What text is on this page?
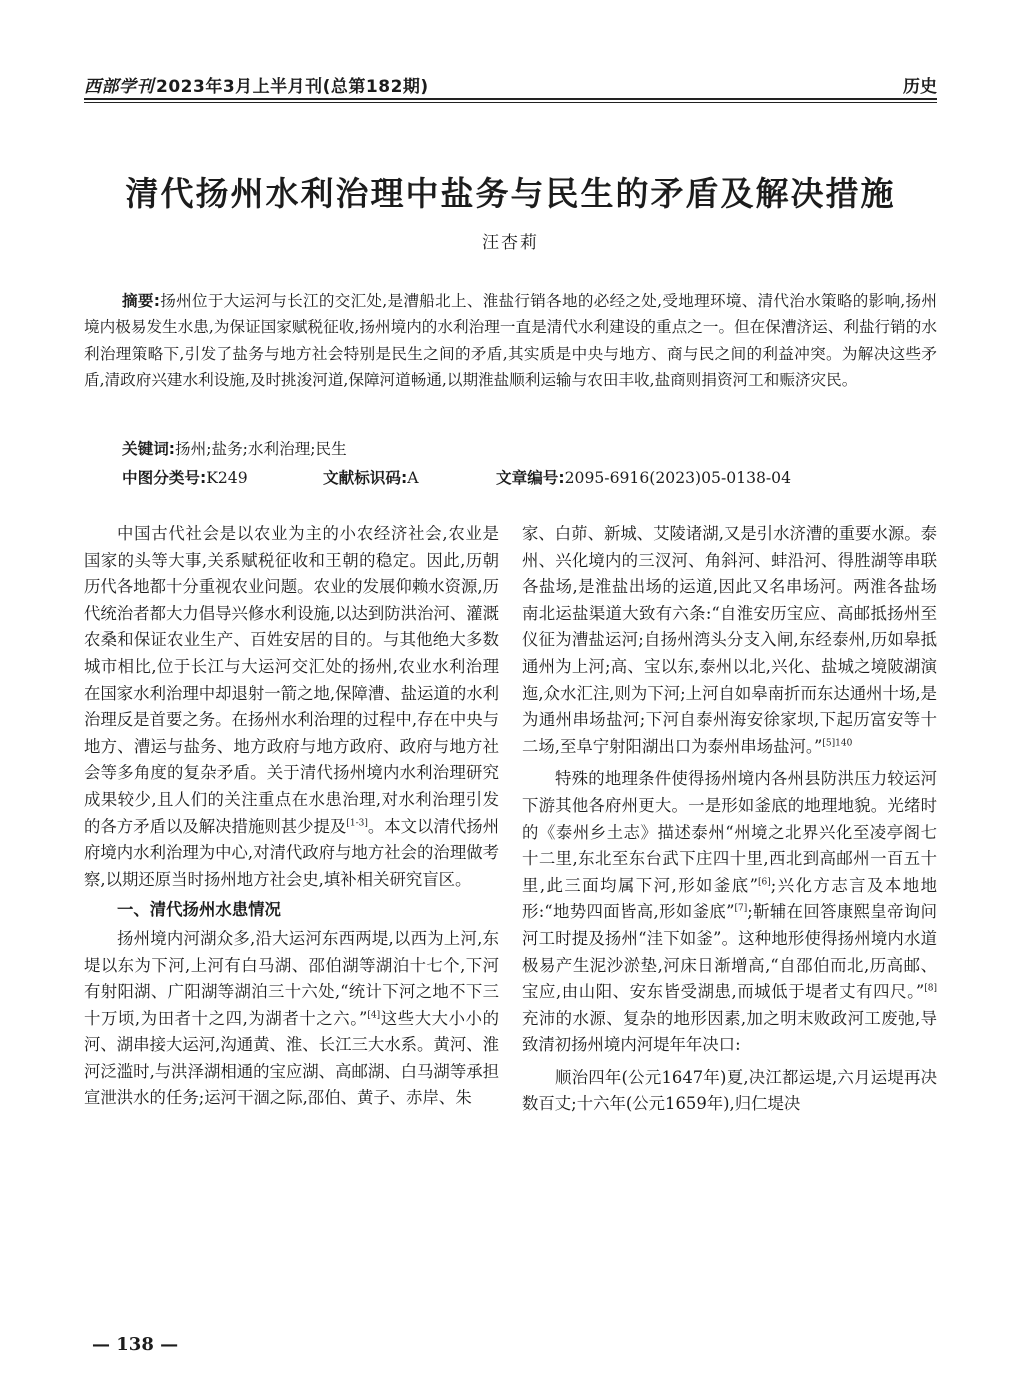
西部学刊 2023年3月上半月刊(总第182期)	历史
清代扬州水利治理中盐务与民生的矛盾及解决措施
汪杏莉
摘要:扬州位于大运河与长江的交汇处,是漕船北上、淮盐行销各地的必经之处,受地理环境、清代治水策略的影响,扬州境内极易发生水患,为保证国家赋税征收,扬州境内的水利治理一直是清代水利建设的重点之一。但在保漕济运、利盐行销的水利治理策略下,引发了盐务与地方社会特别是民生之间的矛盾,其实质是中央与地方、商与民之间的利益冲突。为解决这些矛盾,清政府兴建水利设施,及时挑浚河道,保障河道畅通,以期淮盐顺利运输与农田丰收,盐商则捐资河工和赈济灾民。
关键词:扬州;盐务;水利治理;民生
中图分类号:K249	文献标识码:A	文章编号:2095-6916(2023)05-0138-04

中国古代社会是以农业为主的小农经济社会,农业是国家的头等大事,关系赋税征收和王朝的稳定。因此,历朝历代各地都十分重视农业问题。农业的发展仰赖水资源,历代统治者都大力倡导兴修水利设施,以达到防洪治河、灌溉农桑和保证农业生产、百姓安居的目的。与其他绝大多数城市相比,位于长江与大运河交汇处的扬州,农业水利治理在国家水利治理中却退射一箭之地,保障漕、盐运道的水利治理反是首要之务。在扬州水利治理的过程中,存在中央与地方、漕运与盐务、地方政府与地方政府、政府与地方社会等多角度的复杂矛盾。关于清代扬州境内水利治理研究成果较少,且人们的关注重点在水患治理,对水利治理引发的各方矛盾以及解决措施则甚少提及[1-3]。本文以清代扬州府境内水利治理为中心,对清代政府与地方社会的治理做考察,以期还原当时扬州地方社会史,填补相关研究盲区。

一、清代扬州水患情况

扬州境内河湖众多,沿大运河东西两堤,以西为上河,东堤以东为下河,上河有白马湖、邵伯湖等湖泊十七个,下河有射阳湖、广阳湖等湖泊三十六处,“统计下河之地不下三十万顷,为田者十之四,为湖者十之六。”[4]这些大大小小的河、湖串接大运河,沟通黄、淮、长江三大水系。黄河、淮河泛滥时,与洪泽湖相通的宝应湖、高邮湖、白马湖等承担宣泄洪水的任务;运河干涸之际,邵伯、黄子、赤岸、朱

家、白茆、新城、艾陵诸湖,又是引水济漕的重要水源。泰州、兴化境内的三汊河、角斜河、蚌沿河、得胜湖等串联各盐场,是淮盐出场的运道,因此又名串场河。两淮各盐场南北运盐渠道大致有六条:“自淮安历宝应、高邮抵扬州至仪征为漕盐运河;自扬州湾头分支入闸,东经泰州,历如皋抵通州为上河;高、宝以东,泰州以北,兴化、盐城之境陂湖演迤,众水汇注,则为下河;上河自如皋南折而东达通州十场,是为通州串场盐河;下河自泰州海安徐家坝,下起历富安等十二场,至阜宁射阳湖出口为泰州串场盐河。”$^{[5]140}$

特殊的地理条件使得扬州境内各州县防洪压力较运河下游其他各府州更大。一是形如釜底的地理地貌。光绪时的《泰州乡土志》描述泰州“州境之北界兴化至凌亭阁七十二里,东北至东台武下庄四十里,西北到高邮州一百五十里,此三面均属下河,形如釜底”[6];兴化方志言及本地地形:“地势四面皆高,形如釜底”[7];靳辅在回答康熙皇帝询问河工时提及扬州“洼下如釜”。这种地形使得扬州境内水道极易产生泥沙淤垫,河床日渐增高,“自邵伯而北,历高邮、宝应,由山阳、安东皆受湖患,而城低于堤者丈有四尺。”[8]充沛的水源、复杂的地形因素,加之明末败政河工废弛,导致清初扬州境内河堤年年决口:

顺治四年(公元1647年)夏,决江都运堤,六月运堤再决数百丈;十六年(公元1659年),归仁堤决

— 138 —
